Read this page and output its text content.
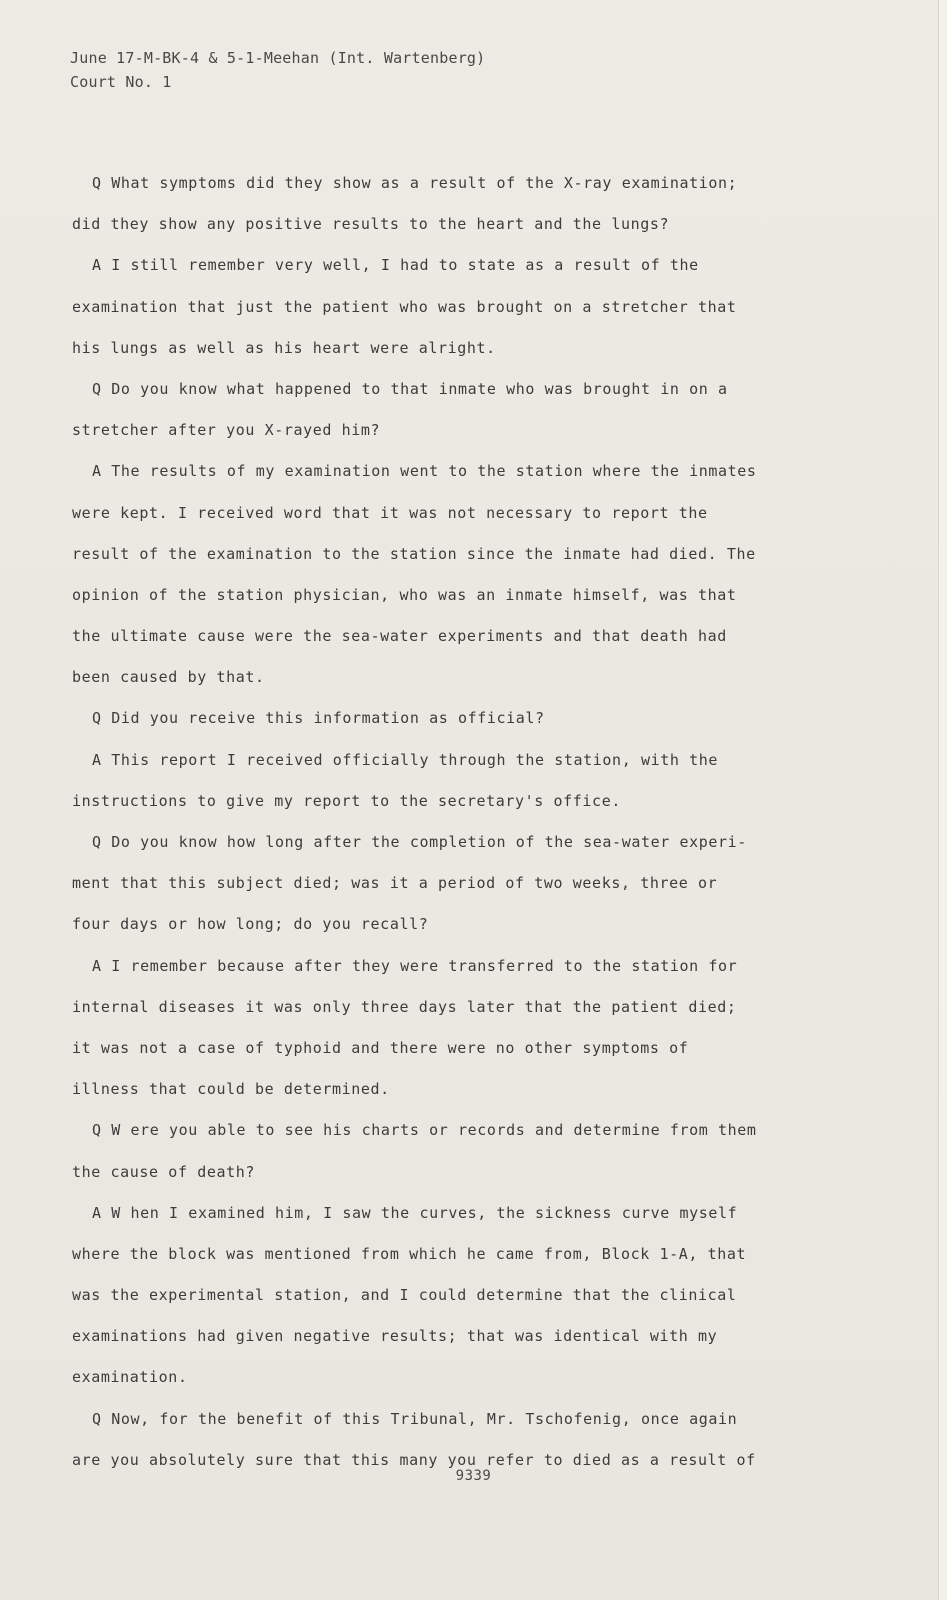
June 17-M-BK-4 & 5-1-Meehan (Int. Wartenberg)
Court No. 1
Q What symptoms did they show as a result of the X-ray examination;
did they show any positive results to the heart and the lungs?
A I still remember very well, I had to state as a result of the
examination that just the patient who was brought on a stretcher that
his lungs as well as his heart were alright.
Q Do you know what happened to that inmate who was brought in on a
stretcher after you X-rayed him?
A The results of my examination went to the station where the inmates
were kept. I received word that it was not necessary to report the
result of the examination to the station since the inmate had died. The
opinion of the station physician, who was an inmate himself, was that
the ultimate cause were the sea-water experiments and that death had
been caused by that.
Q Did you receive this information as official?
A This report I received officially through the station, with the
instructions to give my report to the secretary's office.
Q Do you know how long after the completion of the sea-water experi-
ment that this subject died; was it a period of two weeks, three or
four days or how long; do you recall?
A I remember because after they were transferred to the station for
internal diseases it was only three days later that the patient died;
it was not a case of typhoid and there were no other symptoms of
illness that could be determined.
Q W ere you able to see his charts or records and determine from them
the cause of death?
A W hen I examined him, I saw the curves, the sickness curve myself
where the block was mentioned from which he came from, Block 1-A, that
was the experimental station, and I could determine that the clinical
examinations had given negative results; that was identical with my
examination.
Q Now, for the benefit of this Tribunal, Mr. Tschofenig, once again
are you absolutely sure that this many you refer to died as a result of
9339
